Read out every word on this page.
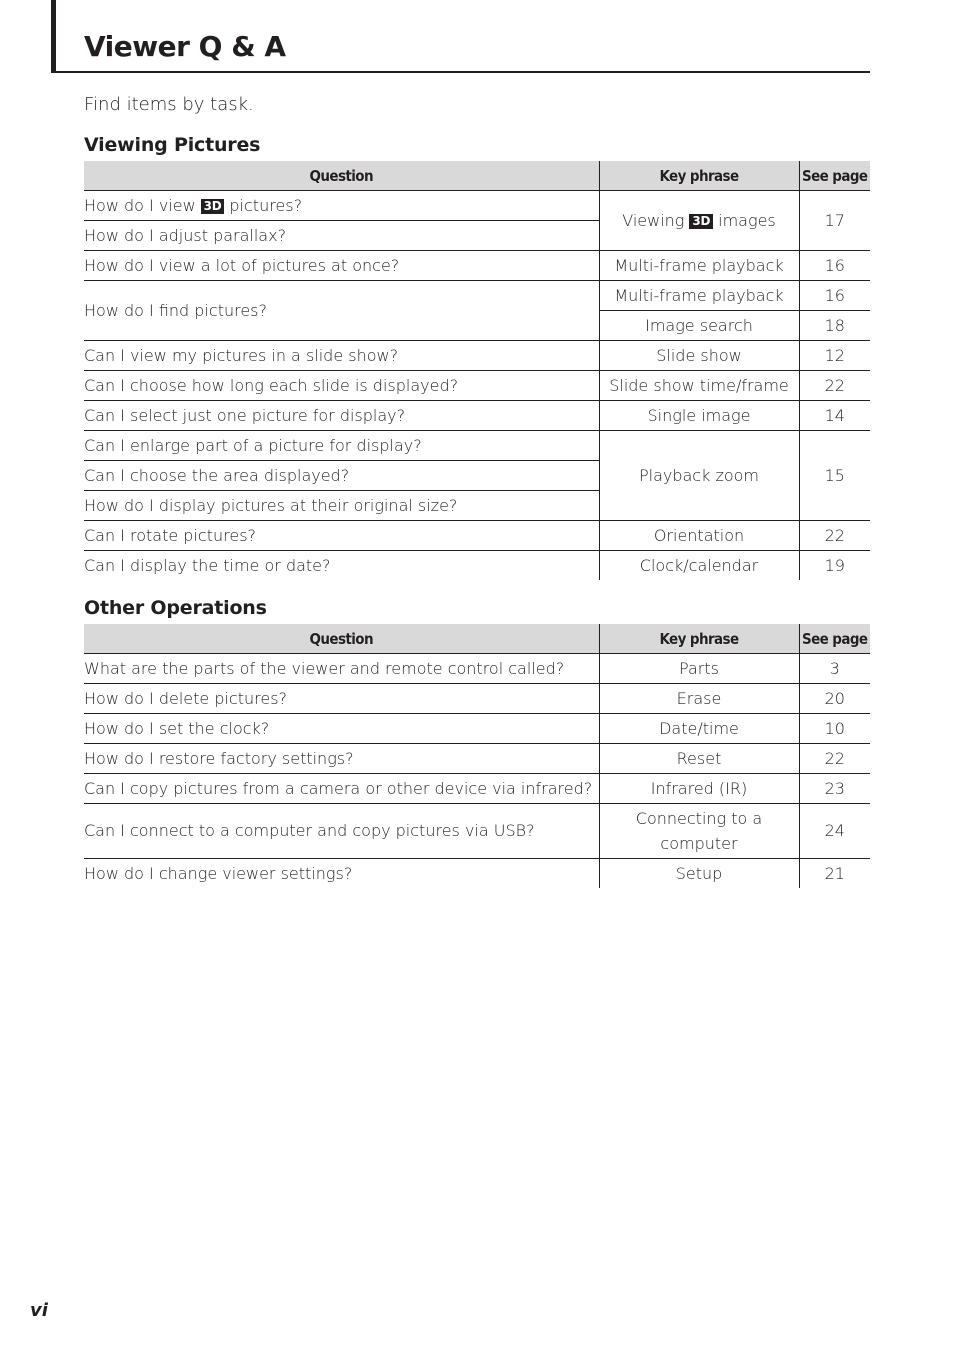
Viewer Q & A

Find items by task.

Viewing Pictures
Question	Key phrase	See page
How do I view 3D pictures?	Viewing 3D images	17
How do I adjust parallax?		
How do I view a lot of pictures at once?	Multi-frame playback	16
How do I find pictures?	Multi-frame playback	16
	Image search	18
Can I view my pictures in a slide show?	Slide show	12
Can I choose how long each slide is displayed?	Slide show time/frame	22
Can I select just one picture for display?	Single image	14
Can I enlarge part of a picture for display?	Playback zoom	15
Can I choose the area displayed?		
How do I display pictures at their original size?		
Can I rotate pictures?	Orientation	22
Can I display the time or date?	Clock/calendar	19
Other Operations
Question	Key phrase	See page
What are the parts of the viewer and remote control called?	Parts	3
How do I delete pictures?	Erase	20
How do I set the clock?	Date/time	10
How do I restore factory settings?	Reset	22
Can I copy pictures from a camera or other device via infrared?	Infrared (IR)	23
Can I connect to a computer and copy pictures via USB?	Connecting to a computer	24
How do I change viewer settings?	Setup	21

vi
